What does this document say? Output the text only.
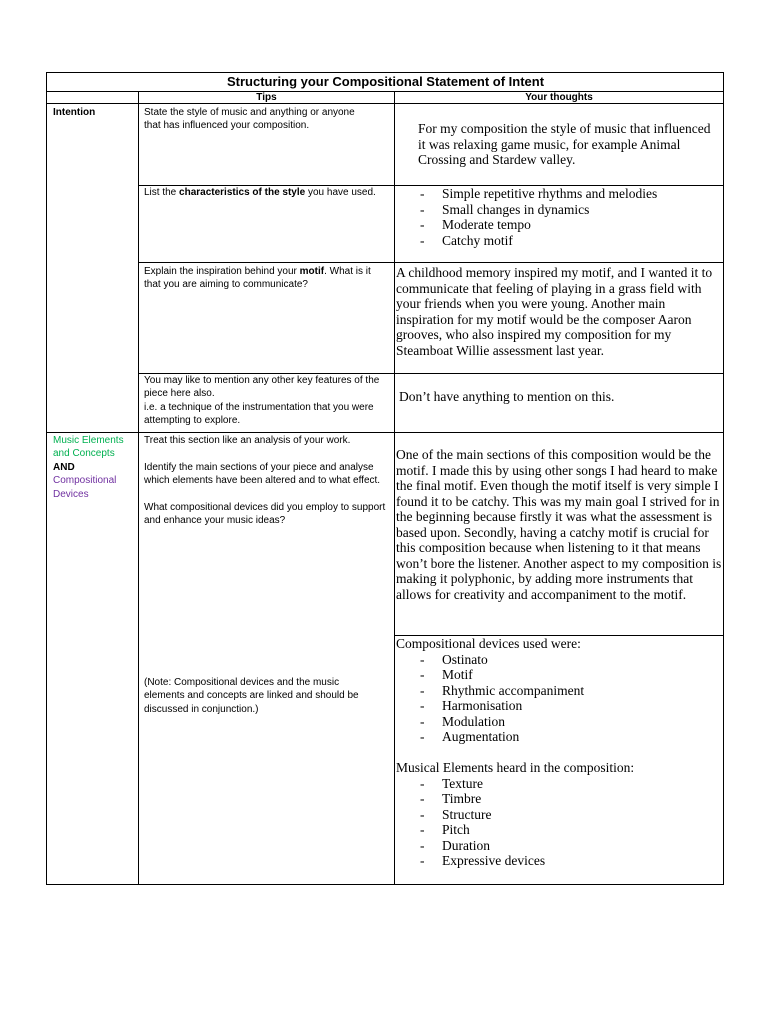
Structuring your Compositional Statement of Intent
Tips	Your thoughts
Intention	State the style of music and anything or anyone that has influenced your composition.	For my composition the style of music that influenced it was relaxing game music, for example Animal Crossing and Stardew valley.
List the characteristics of the style you have used.
-	Simple repetitive rhythms and melodies
- Small changes in dynamics
- Moderate tempo
- Catchy motif
Explain the inspiration behind your motif. What is it that you are aiming to communicate?
A childhood memory inspired my motif, and I wanted it to communicate that feeling of playing in a grass field with your friends when you were young. Another main inspiration for my motif would be the composer Aaron grooves, who also inspired my composition for my Steamboat Willie assessment last year.
You may like to mention any other key features of the piece here also.
i.e. a technique of the instrumentation that you were attempting to explore.
Don’t have anything to mention on this.
Music Elements and Concepts
AND
Compositional Devices
Treat this section like an analysis of your work.
Identify the main sections of your piece and analyse which elements have been altered and to what effect.
What compositional devices did you employ to support and enhance your music ideas?
(Note: Compositional devices and the music elements and concepts are linked and should be discussed in conjunction.)
One of the main sections of this composition would be the motif. I made this by using other songs I had heard to make the final motif. Even though the motif itself is very simple I found it to be catchy. This was my main goal I strived for in the beginning because firstly it was what the assessment is based upon. Secondly, having a catchy motif is crucial for this composition because when listening to it that means won’t bore the listener. Another aspect to my composition is making it polyphonic, by adding more instruments that allows for creativity and accompaniment to the motif.
Compositional devices used were:
- Ostinato
- Motif
- Rhythmic accompaniment
- Harmonisation
- Modulation
- Augmentation
Musical Elements heard in the composition:
- Texture
- Timbre
- Structure
- Pitch
- Duration
- Expressive devices
